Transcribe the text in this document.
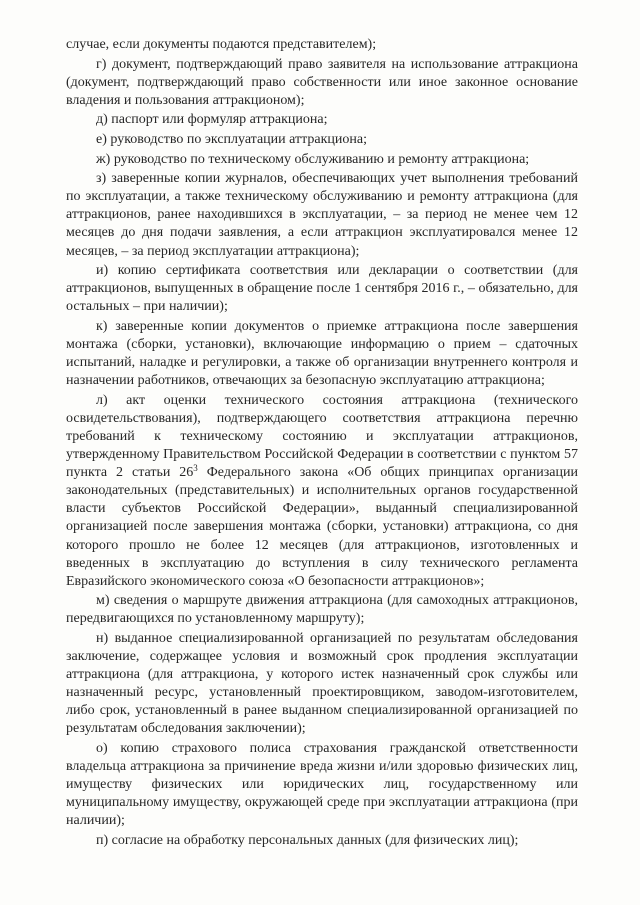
случае, если документы подаются представителем);

г) документ, подтверждающий право заявителя на использование аттракциона (документ, подтверждающий право собственности или иное законное основание владения и пользования аттракционом);

д) паспорт или формуляр аттракциона;

е) руководство по эксплуатации аттракциона;

ж) руководство по техническому обслуживанию и ремонту аттракциона;

з) заверенные копии журналов, обеспечивающих учет выполнения требований по эксплуатации, а также техническому обслуживанию и ремонту аттракциона (для аттракционов, ранее находившихся в эксплуатации, – за период не менее чем 12 месяцев до дня подачи заявления, а если аттракцион эксплуатировался менее 12 месяцев, – за период эксплуатации аттракциона);

и) копию сертификата соответствия или декларации о соответствии (для аттракционов, выпущенных в обращение после 1 сентября 2016 г., – обязательно, для остальных – при наличии);

к) заверенные копии документов о приемке аттракциона после завершения монтажа (сборки, установки), включающие информацию о прием – сдаточных испытаний, наладке и регулировки, а также об организации внутреннего контроля и назначении работников, отвечающих за безопасную эксплуатацию аттракциона;

л) акт оценки технического состояния аттракциона (технического освидетельствования), подтверждающего соответствия аттракциона перечню требований к техническому состоянию и эксплуатации аттракционов, утвержденному Правительством Российской Федерации в соответствии с пунктом 57 пункта 2 статьи $26^3$ Федерального закона «Об общих принципах организации законодательных (представительных) и исполнительных органов государственной власти субъектов Российской Федерации», выданный специализированной организацией после завершения монтажа (сборки, установки) аттракциона, со дня которого прошло не более 12 месяцев (для аттракционов, изготовленных и введенных в эксплуатацию до вступления в силу технического регламента Евразийского экономического союза «О безопасности аттракционов»;

м) сведения о маршруте движения аттракциона (для самоходных аттракционов, передвигающихся по установленному маршруту);

н) выданное специализированной организацией по результатам обследования заключение, содержащее условия и возможный срок продления эксплуатации аттракциона (для аттракциона, у которого истек назначенный срок службы или назначенный ресурс, установленный проектировщиком, заводом-изготовителем, либо срок, установленный в ранее выданном специализированной организацией по результатам обследования заключении);

о) копию страхового полиса страхования гражданской ответственности владельца аттракциона за причинение вреда жизни и/или здоровью физических лиц, имуществу физических или юридических лиц, государственному или муниципальному имуществу, окружающей среде при эксплуатации аттракциона (при наличии);

п) согласие на обработку персональных данных (для физических лиц);
